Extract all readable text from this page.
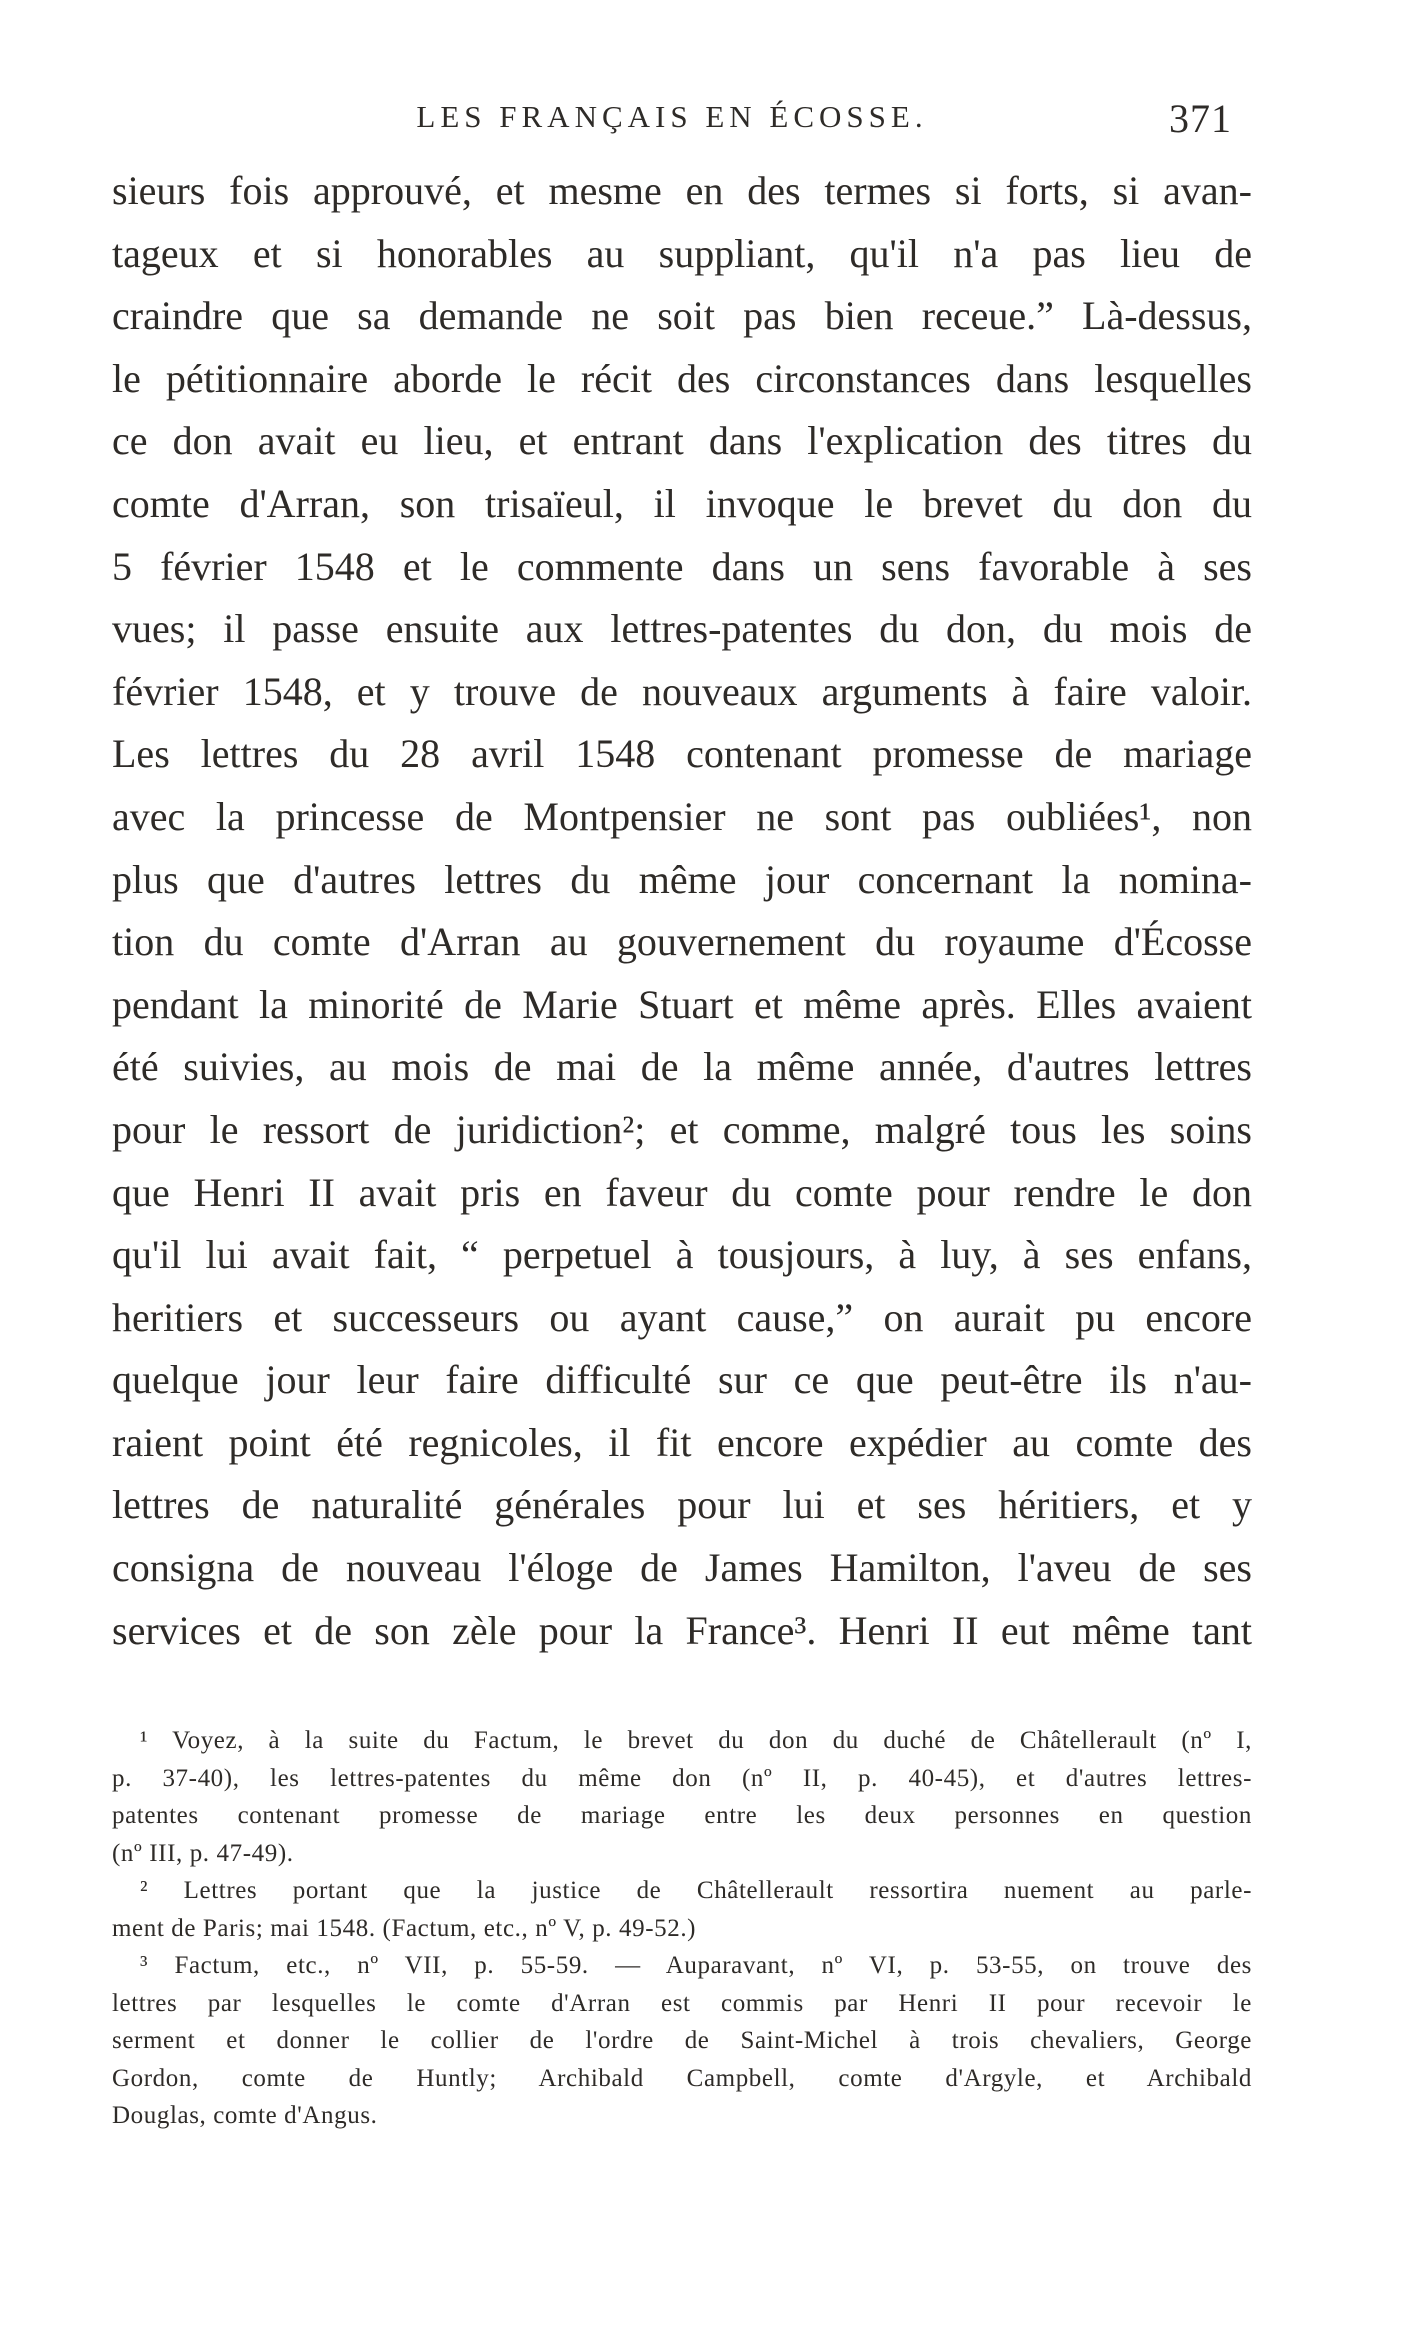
LES FRANÇAIS EN ÉCOSSE.	371
sieurs fois approuvé, et mesme en des termes si forts, si avan-
tageux et si honorables au suppliant, qu'il n'a pas lieu de
craindre que sa demande ne soit pas bien receue.” Là-dessus,
le pétitionnaire aborde le récit des circonstances dans lesquelles
ce don avait eu lieu, et entrant dans l'explication des titres du
comte d'Arran, son trisaïeul, il invoque le brevet du don du
5 février 1548 et le commente dans un sens favorable à ses
vues; il passe ensuite aux lettres-patentes du don, du mois de
février 1548, et y trouve de nouveaux arguments à faire valoir.
Les lettres du 28 avril 1548 contenant promesse de mariage
avec la princesse de Montpensier ne sont pas oubliées¹, non
plus que d'autres lettres du même jour concernant la nomina-
tion du comte d'Arran au gouvernement du royaume d'Écosse
pendant la minorité de Marie Stuart et même après. Elles avaient
été suivies, au mois de mai de la même année, d'autres lettres
pour le ressort de juridiction²; et comme, malgré tous les soins
que Henri II avait pris en faveur du comte pour rendre le don
qu'il lui avait fait, “ perpetuel à tousjours, à luy, à ses enfans,
heritiers et successeurs ou ayant cause,” on aurait pu encore
quelque jour leur faire difficulté sur ce que peut-être ils n'au-
raient point été regnicoles, il fit encore expédier au comte des
lettres de naturalité générales pour lui et ses héritiers, et y
consigna de nouveau l'éloge de James Hamilton, l'aveu de ses
services et de son zèle pour la France³. Henri II eut même tant
¹ Voyez, à la suite du Factum, le brevet du don du duché de Châtellerault (nº I,
p. 37-40), les lettres-patentes du même don (nº II, p. 40-45), et d'autres lettres-
patentes contenant promesse de mariage entre les deux personnes en question
(nº III, p. 47-49).
² Lettres portant que la justice de Châtellerault ressortira nuement au parle-
ment de Paris; mai 1548. (Factum, etc., nº V, p. 49-52.)
³ Factum, etc., nº VII, p. 55-59. — Auparavant, nº VI, p. 53-55, on trouve des
lettres par lesquelles le comte d'Arran est commis par Henri II pour recevoir le
serment et donner le collier de l'ordre de Saint-Michel à trois chevaliers, George
Gordon, comte de Huntly; Archibald Campbell, comte d'Argyle, et Archibald
Douglas, comte d'Angus.
